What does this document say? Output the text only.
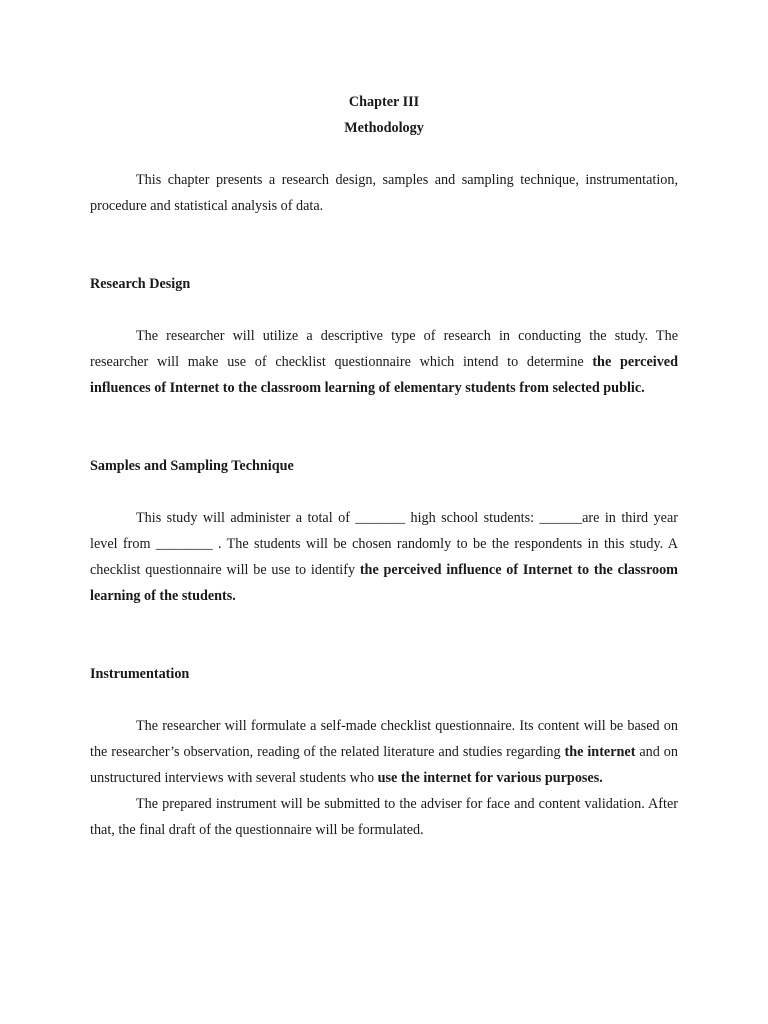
Chapter III
Methodology

This chapter presents a research design, samples and sampling technique, instrumentation, procedure and statistical analysis of data.

Research Design

The researcher will utilize a descriptive type of research in conducting the study. The researcher will make use of checklist questionnaire which intend to determine the perceived influences of Internet to the classroom learning of elementary students from selected public.

Samples and Sampling Technique

This study will administer a total of _______ high school students: ______are in third year level from ________ . The students will be chosen randomly to be the respondents in this study. A checklist questionnaire will be use to identify the perceived influence of Internet to the classroom learning of the students.

Instrumentation

The researcher will formulate a self-made checklist questionnaire. Its content will be based on the researcher’s observation, reading of the related literature and studies regarding the internet and on unstructured interviews with several students who use the internet for various purposes.

The prepared instrument will be submitted to the adviser for face and content validation. After that, the final draft of the questionnaire will be formulated.
